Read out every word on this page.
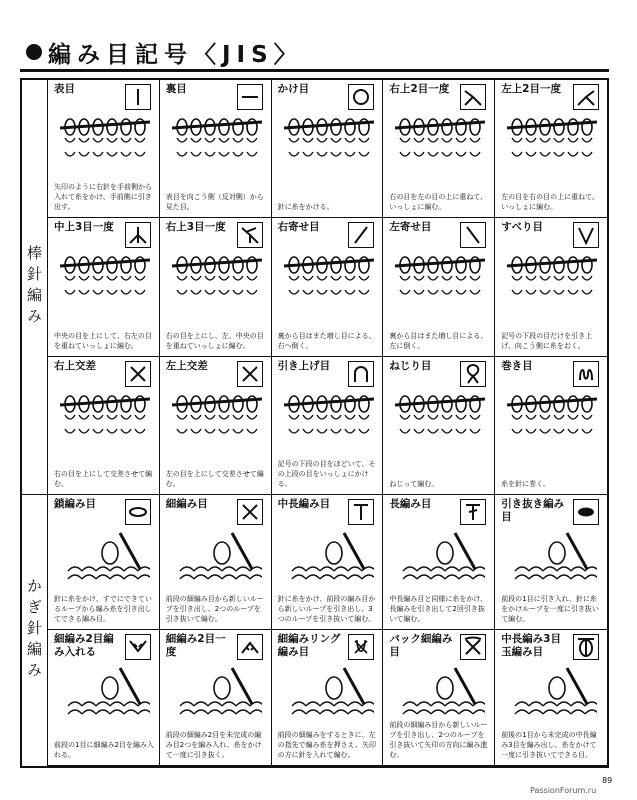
編み目記号〈JIS〉
棒針編み
かぎ針編み
表目
矢印のように右針を手前側から入れて糸をかけ、手前側に引き出す。
裏目
表目を向こう側（反対側）から見た目。
かけ目
針に糸をかける。
右上2目一度
右の目を左の目の上に重ねて、いっしょに編む。
左上2目一度
左の目を右の目の上に重ねて、いっしょに編む。
中上3目一度
中央の目を上にして、右左の目を重ねていっしょに編む。
右上3目一度
右の目を上にし、左、中央の目を重ねていっしょに編む。
右寄せ目
裏から目はまた増し目による、右へ倒く。
左寄せ目
裏から目はまた増し目による、左に倒く。
すべり目
記号の下段の目だけを引き上げ、向こう側に糸をおく。
右上交差
右の目を上にして交差させて編む。
左上交差
左の目を上にして交差させて編む。
引き上げ目
記号の下段の目をほどいて、その上段の目をいっしょにかける。
ねじり目
ねじって編む。
巻き目
糸を針に巻く。
鎖編み目
針に糸をかけ、すでにできているループから編み糸を引き出してできる編み目。
細編み目
前段の細編み目から新しいループを引き出し、2つのループを引き抜いて編む。
中長編み目
針に糸をかけ、前段の編み目から新しいループを引き出し、3つのループを引き抜いて編む。
長編み目
中長編み目と同様に糸をかけ、長編みを引き出して2回引き抜いて編む。
引き抜き編み目
前段の1目に引き入れ、針に糸をかけループを一度に引き抜いて編む。
細編み2目編み入れる
前段の1目に細編み2目を編み入れる。
細編み2目一度
前段の細編み2目を未完成の編み目2つを編み入れ、糸をかけて一度に引き抜く。
細編みリング編み目
前段の細編みをするときに、左の指先で編み糸を押さえ、矢印の方に針を入れて編む。
バック細編み目
前段の細編み目から新しいループを引き出し、2つのループを引き抜いて矢印の方向に編み進む。
中長編み3目玉編み目
前後の1目から未完成の中長編み3目を編み出し、糸をかけて一度に引き抜いてできる目。
89
PassionForum.ru
